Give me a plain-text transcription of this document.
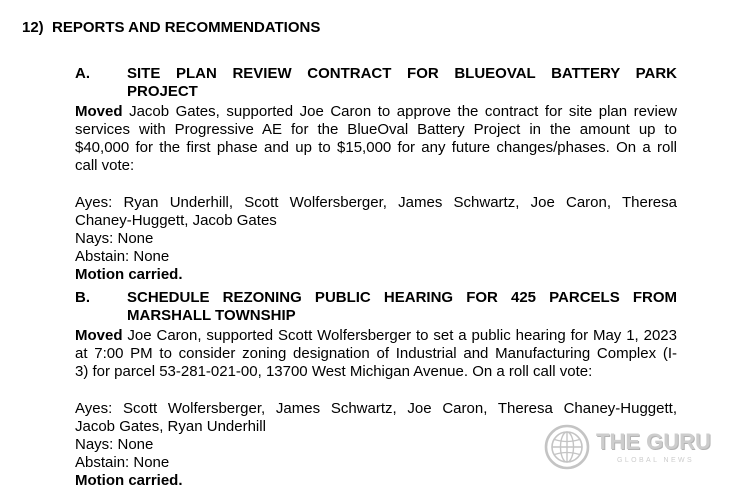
12) REPORTS AND RECOMMENDATIONS
A.	SITE PLAN REVIEW CONTRACT FOR BLUEOVAL BATTERY PARK
PROJECT
Moved Jacob Gates, supported Joe Caron to approve the contract for site plan review
services with Progressive AE for the BlueOval Battery Project in the amount up to
$40,000 for the first phase and up to $15,000 for any future changes/phases. On a roll
call vote:
Ayes: Ryan Underhill, Scott Wolfersberger, James Schwartz, Joe Caron, Theresa
Chaney-Huggett, Jacob Gates
Nays: None
Abstain: None
Motion carried.
B.	SCHEDULE REZONING PUBLIC HEARING FOR 425 PARCELS FROM
MARSHALL TOWNSHIP
Moved Joe Caron, supported Scott Wolfersberger to set a public hearing for May 1, 2023
at 7:00 PM to consider zoning designation of Industrial and Manufacturing Complex (I-
3) for parcel 53-281-021-00, 13700 West Michigan Avenue. On a roll call vote:
Ayes: Scott Wolfersberger, James Schwartz, Joe Caron, Theresa Chaney-Huggett,
Jacob Gates, Ryan Underhill
Nays: None
Abstain: None
Motion carried.
THE GURU
GLOBAL NEWS
